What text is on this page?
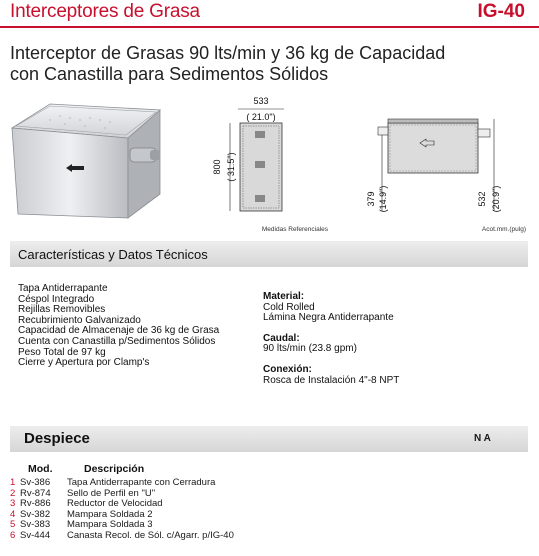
Interceptores de Grasa	IG-40
Interceptor de Grasas 90 lts/min y 36 kg de Capacidad
con Canastilla para Sedimentos Sólidos
533
( 21.0")
800 ( 31.5")
Medidas Referenciales
379 (14.9")	532 (20.9")
Acot.mm.(pulg)
Características y Datos Técnicos
Tapa Antiderrapante
Céspol Integrado
Rejillas Removibles
Recubrimiento Galvanizado
Capacidad de Almacenaje de 36 kg de Grasa
Cuenta con Canastilla p/Sedimentos Sólidos
Peso Total de 97 kg
Cierre y Apertura por Clamp's
Material:
Cold Rolled
Lámina Negra Antiderrapante
Caudal:
90 lts/min (23.8 gpm)
Conexión:
Rosca de Instalación 4"-8 NPT
Despiece	N A
Mod.	Descripción
1 Sv-386	Tapa Antiderrapante con Cerradura
2 Rv-874	Sello de Perfil en "U"
3 Rv-886	Reductor de Velocidad
4 Sv-382	Mampara Soldada 2
5 Sv-383	Mampara Soldada 3
6 Sv-444	Canasta Recol. de Sól. c/Agarr. p/IG-40
